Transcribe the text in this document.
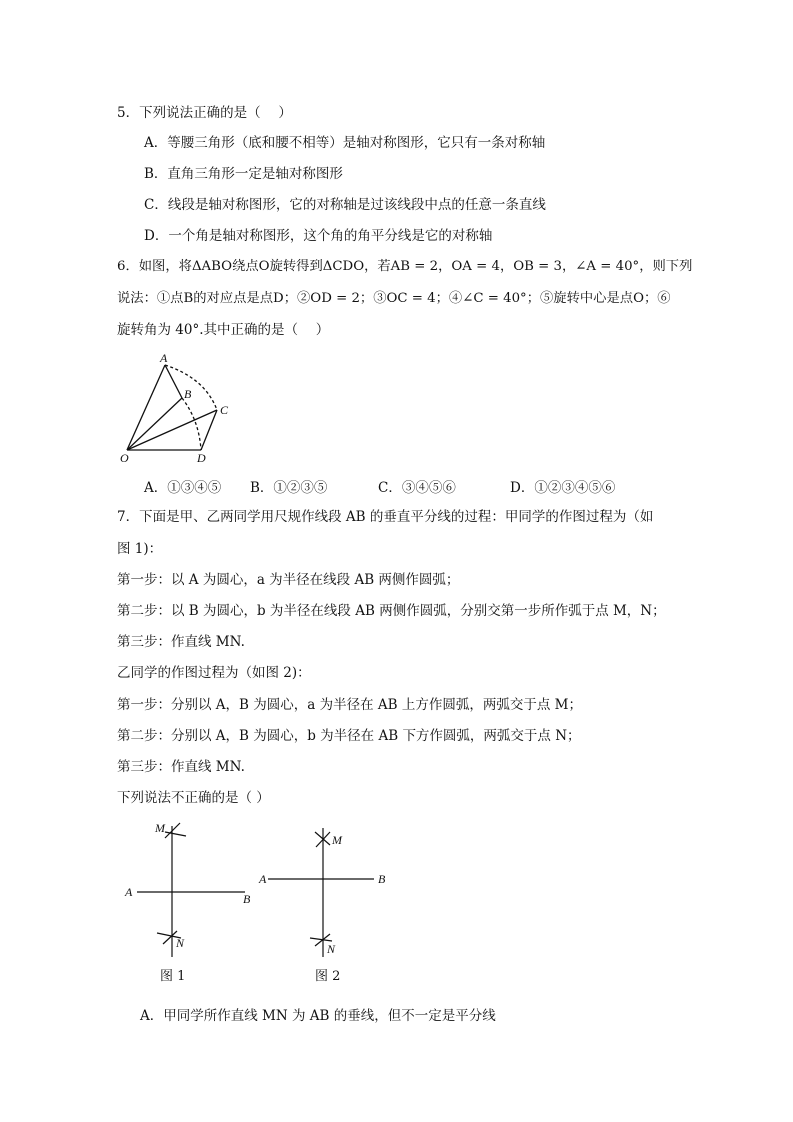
5．下列说法正确的是（　 ）
A．等腰三角形（底和腰不相等）是轴对称图形，它只有一条对称轴
B．直角三角形一定是轴对称图形
C．线段是轴对称图形，它的对称轴是过该线段中点的任意一条直线
D．一个角是轴对称图形，这个角的角平分线是它的对称轴
6．如图，将ΔABO绕点O旋转得到ΔCDO，若AB = 2，OA = 4，OB = 3，∠A = 40°，则下列
说法：①点B的对应点是点D；②OD = 2；③OC = 4；④∠C = 40°；⑤旋转中心是点O；⑥
旋转角为 40°.其中正确的是（　 ）
A
B
C
D
O
M
N
A	B
M
N
A	B
A．①③④⑤ B．①②③⑤	C．③④⑤⑥	D．①②③④⑤⑥
7．下面是甲、乙两同学用尺规作线段 AB 的垂直平分线的过程：甲同学的作图过程为（如
图 1)：
第一步：以 A 为圆心，a 为半径在线段 AB 两侧作圆弧；
第二步：以 B 为圆心，b 为半径在线段 AB 两侧作圆弧，分别交第一步所作弧于点 M，N；
第三步：作直线 MN.
乙同学的作图过程为（如图 2)：
第一步：分别以 A，B 为圆心，a 为半径在 AB 上方作圆弧，两弧交于点 M；
第二步：分别以 A，B 为圆心，b 为半径在 AB 下方作圆弧，两弧交于点 N；
第三步：作直线 MN.
下列说法不正确的是（ ）
图 1	图 2
A．甲同学所作直线 MN 为 AB 的垂线，但不一定是平分线
